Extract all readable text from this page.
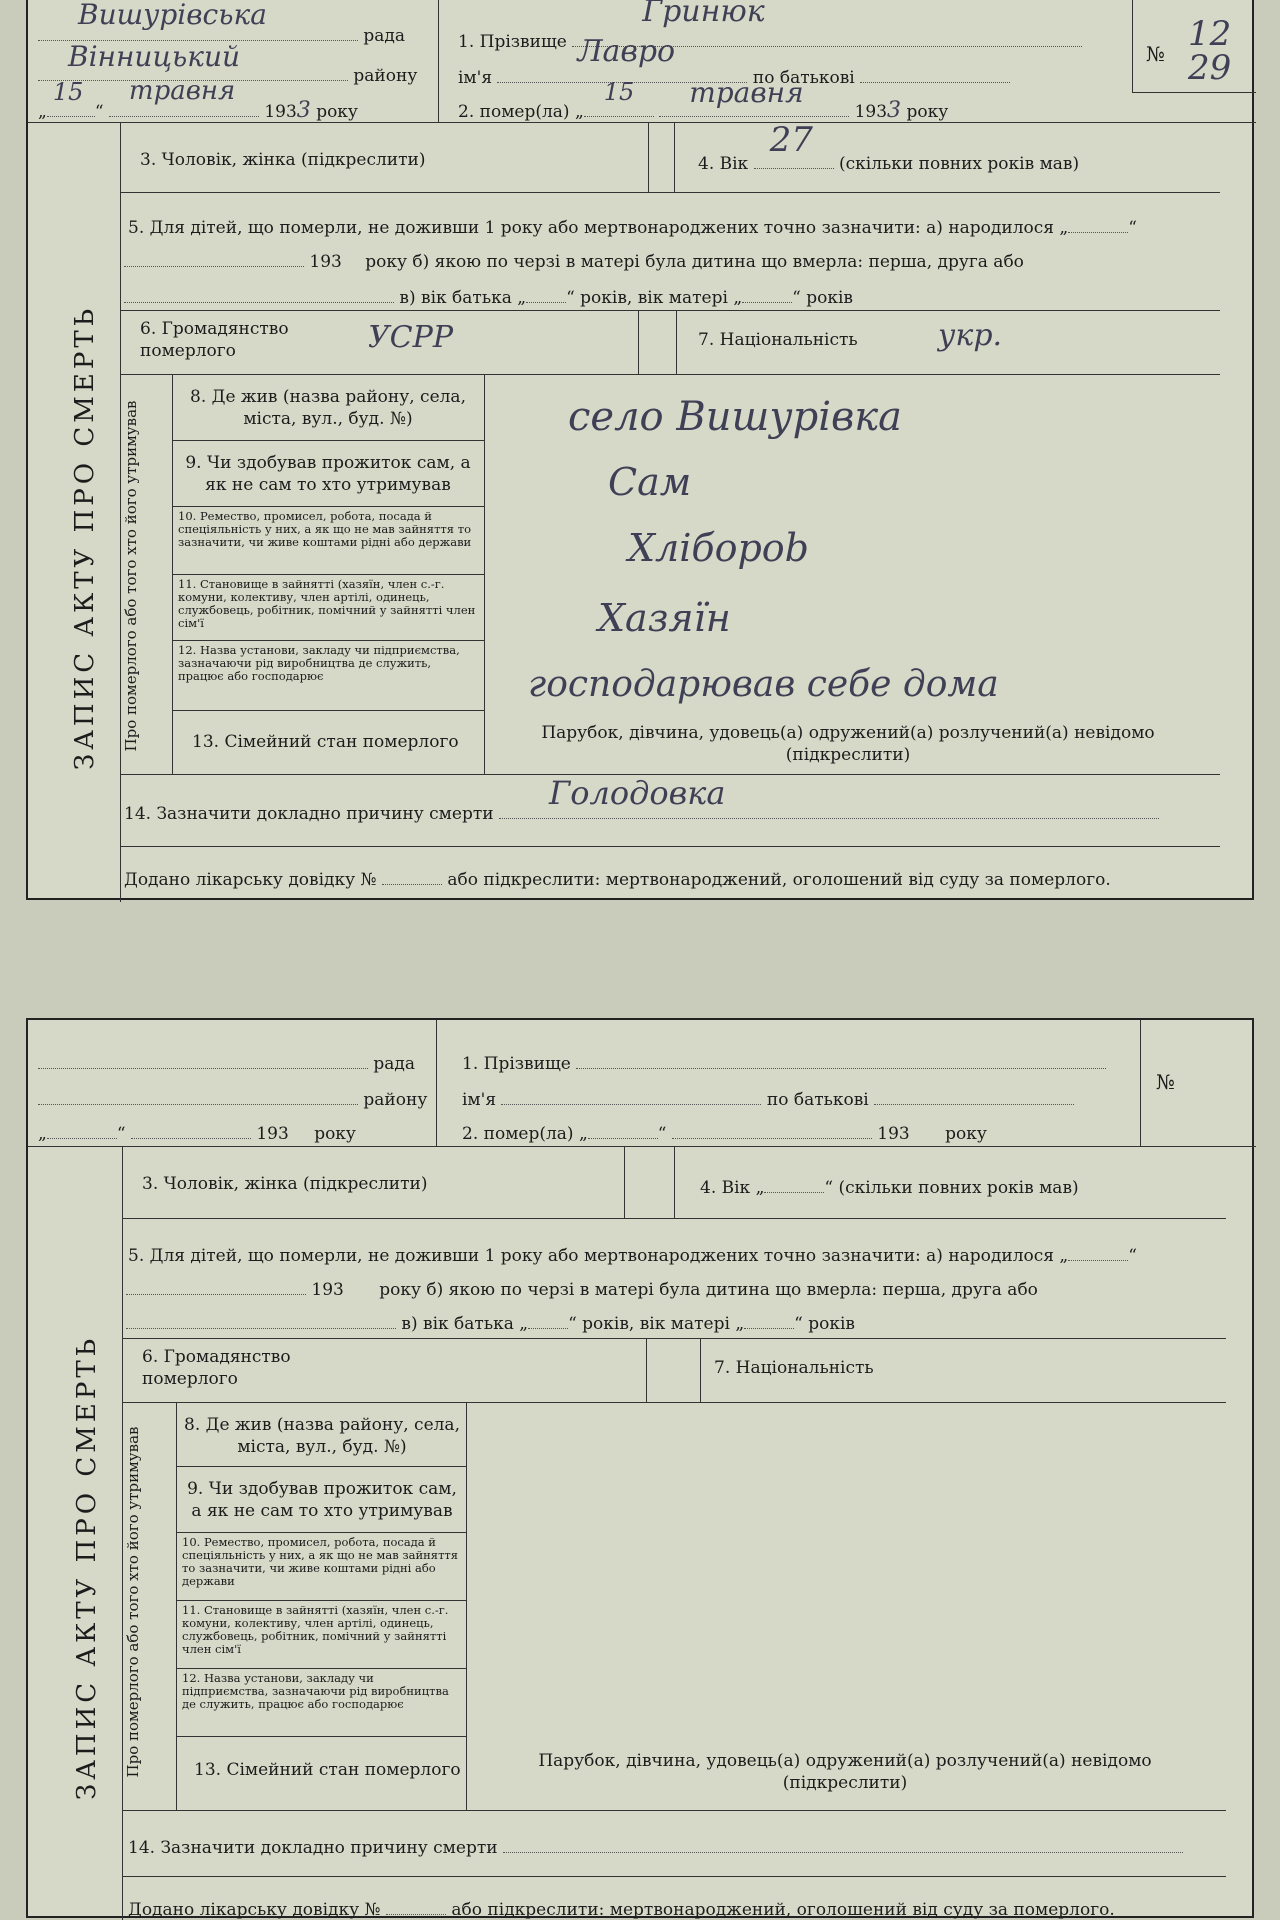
Вишурівська
рада
Вінницький
району
„
15
“
травня
1933 року
1. Прізвище
Гринюк
ім'я
Лавро
по батькові
2. помер(ла) „
15
травня
1933 року
№ 12
29
ЗАПИС АКТУ ПРО СМЕРТЬ
3. Чоловік, жінка (підкреслити)	4. Вік
27
(скільки повних років мав)
5. Для дітей, що померли, не доживши 1 року або мертвонароджених точно зазначити: а) народилося „	“
193 року б) якою по черзі в матері була дитина що вмерла: перша, друга або
в) вік батька „ “ років, вік матері „	“ років
6. Громадянство померлого	УСРР	7. Національність	укр.
Про померлого або того хто його утримував
8. Де жив (назва району, села, міста, вул., буд. №)	село Вишурівка
9. Чи здобував прожиток сам, а як не сам то хто утримував	Сам
10. Ремество, промисел, робота, посада й спеціяльність у них, а як що не мав зайняття то зазначити, чи живе коштами рідні або держави	Хліборob
11. Становище в зайнятті (хазяїн, член с.-г. комуни, колективу, член артілі, одинець, службовець, робітник, помічний у зайнятті член сім'ї	Хазяїн
12. Назва установи, закладу чи підприємства, зазначаючи рід виробництва де служить, працює або господарює	господарював себе дома
13. Сімейний стан померлого	Парубок, дівчина, удовець(а) одружений(а) розлучений(а) невідомо (підкреслити)
14. Зазначити докладно причину смерти
Голодовка
Додано лікарську довідку №	або підкреслити: мертвонароджений, оголошений від суду за померлого.
рада
району
„	“	193 року
1. Прізвище
ім'я	по батькові
2. помер(ла) „	“	193 року
№
ЗАПИС АКТУ ПРО СМЕРТЬ
3. Чоловік, жінка (підкреслити)	4. Вік „	“ (скільки повних років мав)
5. Для дітей, що померли, не доживши 1 року або мертвонароджених точно зазначити: а) народилося „	“
193 року б) якою по черзі в матері була дитина що вмерла: перша, друга або
в) вік батька „ “ років, вік матері „	“ років
6. Громадянство померлого
7. Національність
Про померлого або того хто його утримував
8. Де жив (назва району, села, міста, вул., буд. №)
9. Чи здобував прожиток сам, а як не сам то хто утримував
10. Ремество, промисел, робота, посада й спеціяльність у них, а як що не мав зайняття то зазначити, чи живе коштами рідні або держави
11. Становище в зайнятті (хазяїн, член с.-г. комуни, колективу, член артілі, одинець, службовець, робітник, помічний у зайнятті член сім'ї
12. Назва установи, закладу чи підприємства, зазначаючи рід виробництва де служить, працює або господарює
13. Сімейний стан померлого	Парубок, дівчина, удовець(а) одружений(а) розлучений(а) невідомо (підкреслити)
14. Зазначити докладно причину смерти
Додано лікарську довідку №	або підкреслити: мертвонароджений, оголошений від суду за померлого.
